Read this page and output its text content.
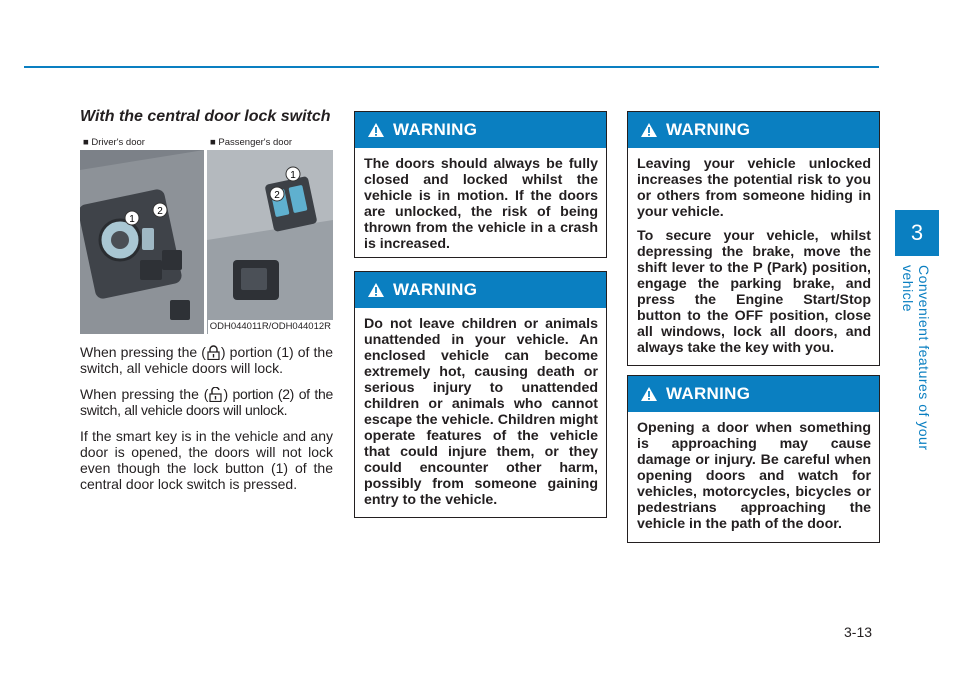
3
Convenient features of your vehicle
3-13
With the central door lock switch
■ Driver's door
1
2
■ Passenger's door
1
2
ODH044011R/ODH044012R

When pressing the ( ) portion (1) of the switch, all vehicle doors will lock.

When pressing the ( ) portion (2) of the switch, all vehicle doors will unlock.

If the smart key is in the vehicle and any door is opened, the doors will not lock even though the lock button (1) of the central door lock switch is pressed.

WARNING

The doors should always be fully closed and locked whilst the vehicle is in motion. If the doors are unlocked, the risk of being thrown from the vehicle in a crash is increased.

WARNING

Do not leave children or animals unattended in your vehicle. An enclosed vehicle can become extremely hot, causing death or serious injury to unattended children or animals who cannot escape the vehicle. Children might operate features of the vehicle that could injure them, or they could encounter other harm, possibly from someone gaining entry to the vehicle.

WARNING

Leaving your vehicle unlocked increases the potential risk to you or others from someone hiding in your vehicle.

To secure your vehicle, whilst depressing the brake, move the shift lever to the P (Park) position, engage the parking brake, and press the Engine Start/Stop button to the OFF position, close all windows, lock all doors, and always take the key with you.

WARNING

Opening a door when something is approaching may cause damage or injury. Be careful when opening doors and watch for vehicles, motorcycles, bicycles or pedestrians approaching the vehicle in the path of the door.
